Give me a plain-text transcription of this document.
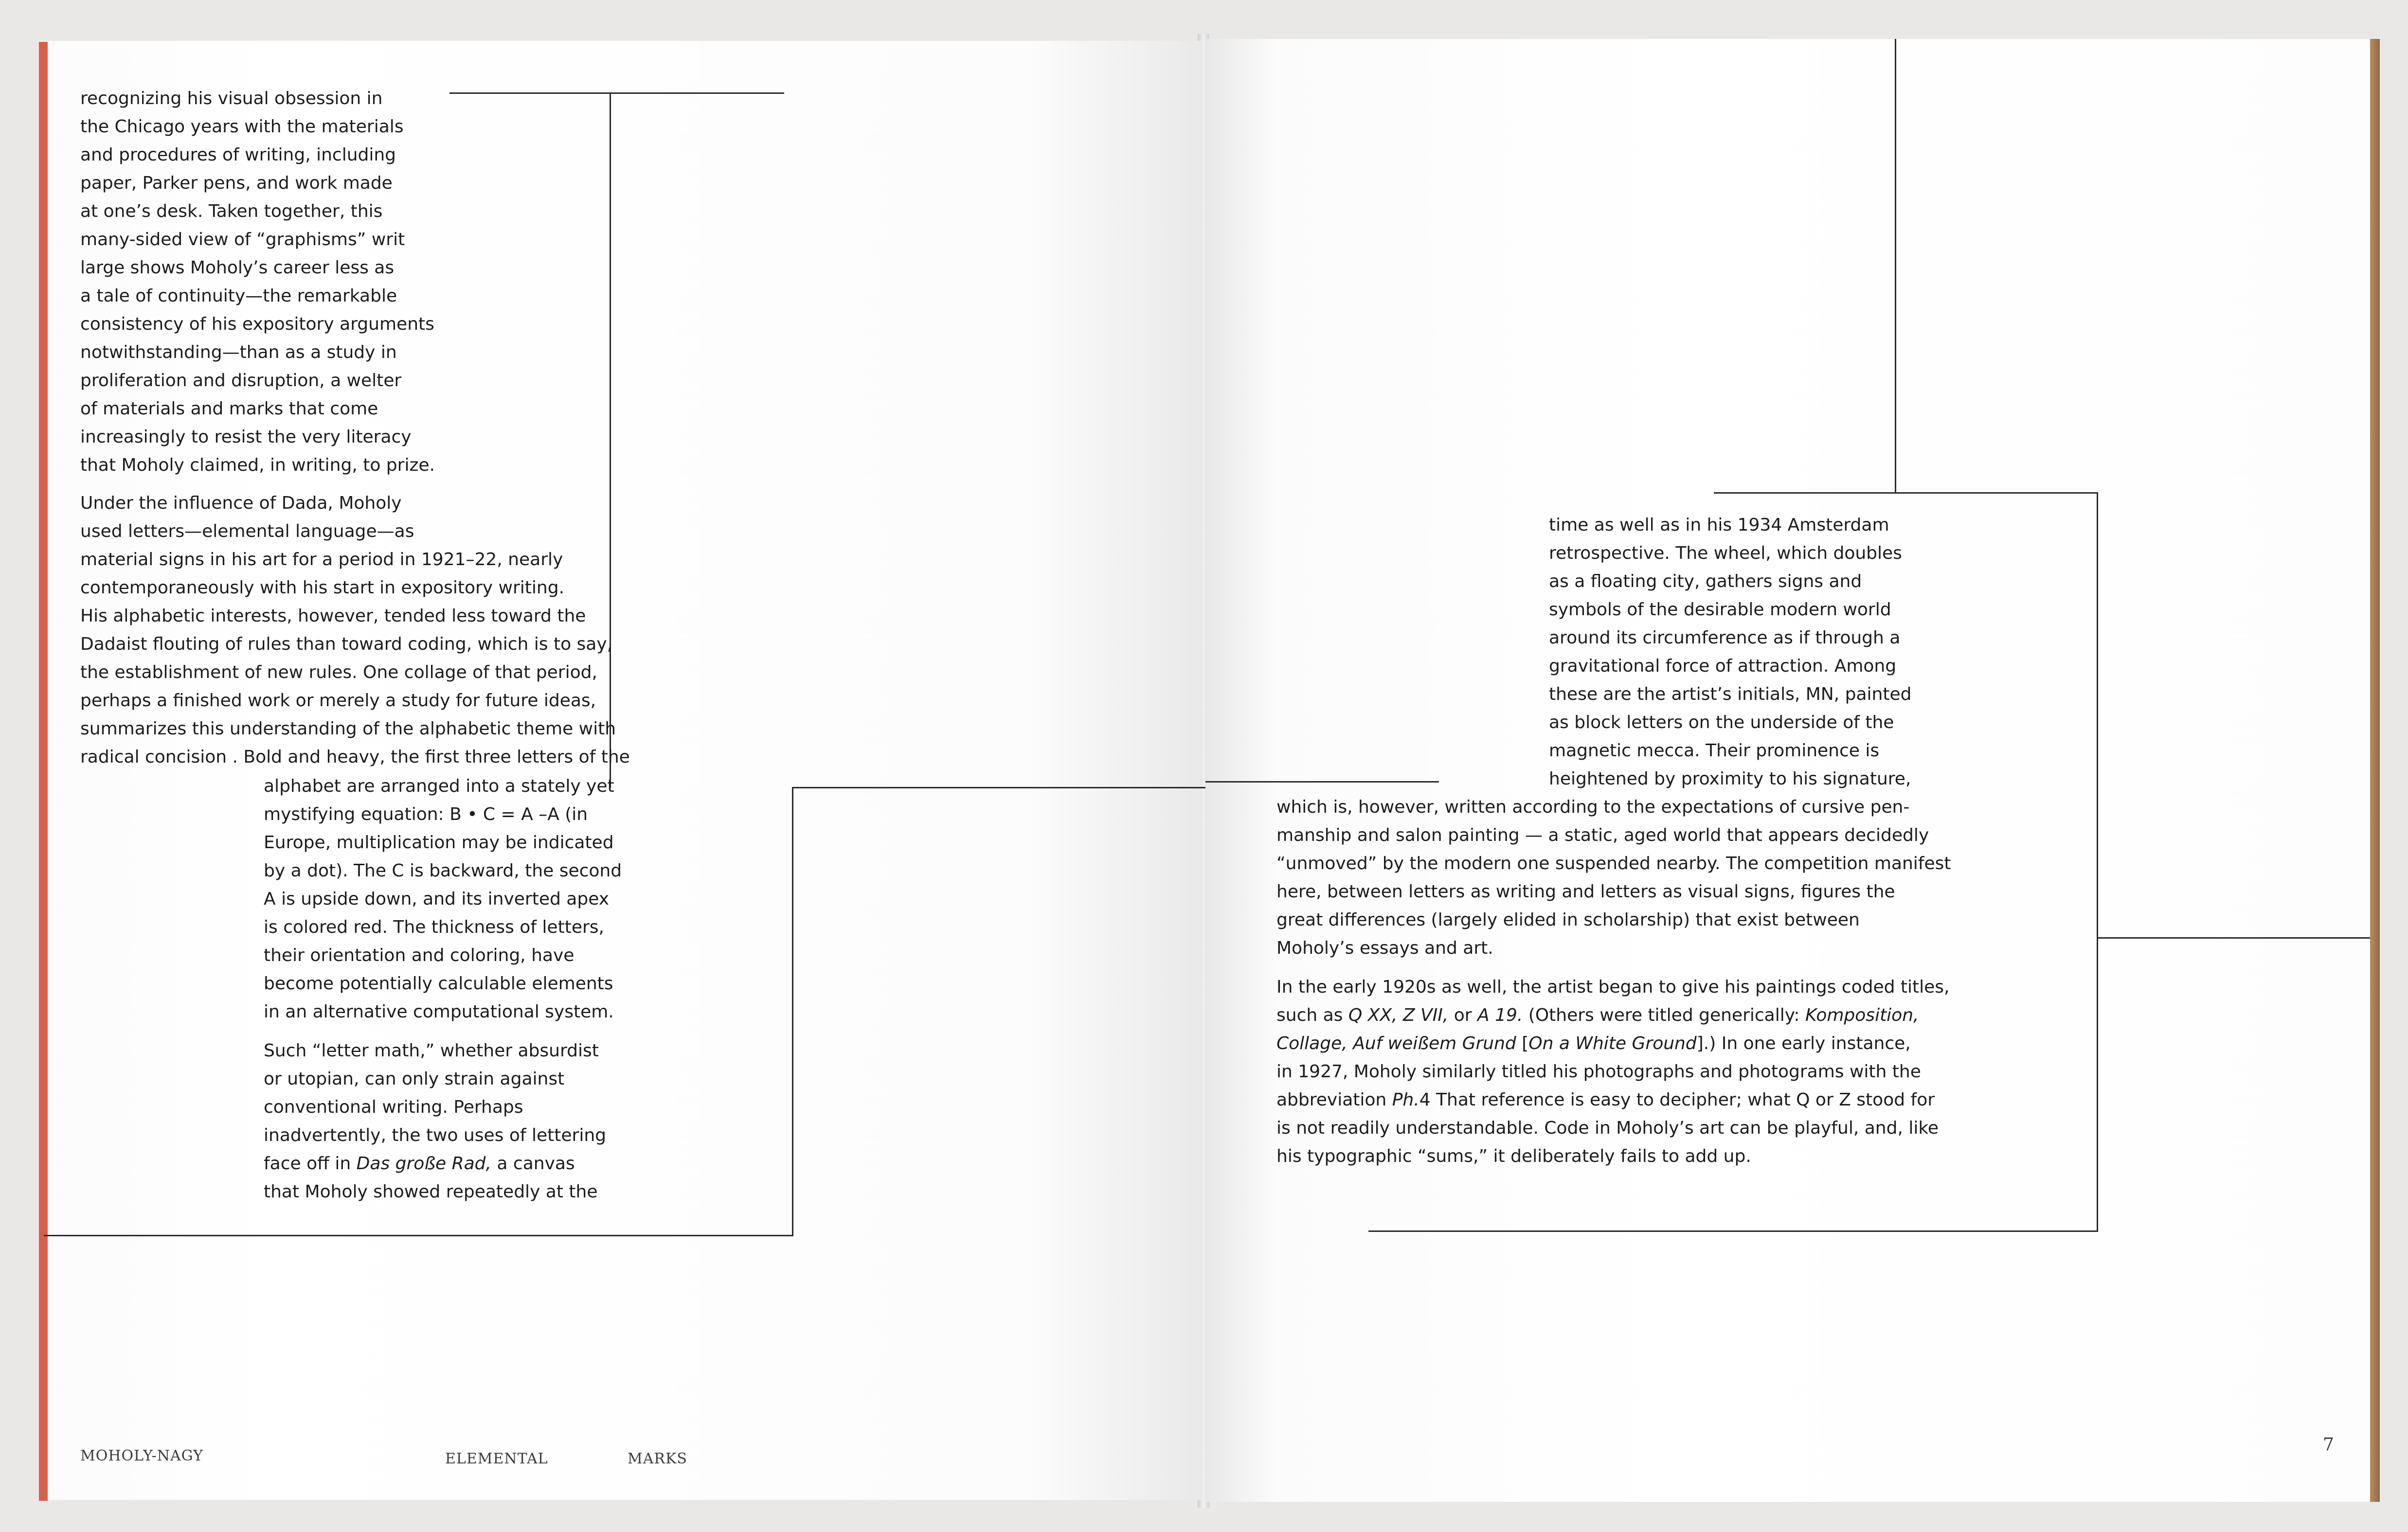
recognizing his visual obsession in

the Chicago years with the materials

and procedures of writing, including

paper, Parker pens, and work made

at one’s desk. Taken together, this

many-sided view of “graphisms” writ

large shows Moholy’s career less as

a tale of continuity—the remarkable

consistency of his expository arguments

notwithstanding—than as a study in

proliferation and disruption, a welter

of materials and marks that come

increasingly to resist the very literacy

that Moholy claimed, in writing, to prize.

Under the influence of Dada, Moholy

used letters—elemental language—as

material signs in his art for a period in 1921–22, nearly

contemporaneously with his start in expository writing.

His alphabetic interests, however, tended less toward the

Dadaist flouting of rules than toward coding, which is to say,

the establishment of new rules. One collage of that period,

perhaps a finished work or merely a study for future ideas,

summarizes this understanding of the alphabetic theme with

radical concision . Bold and heavy, the first three letters of the

alphabet are arranged into a stately yet

mystifying equation: B • C = A –A (in

Europe, multiplication may be indicated

by a dot). The C is backward, the second

A is upside down, and its inverted apex

is colored red. The thickness of letters,

their orientation and coloring, have

become potentially calculable elements

in an alternative computational system.

Such “letter math,” whether absurdist

or utopian, can only strain against

conventional writing. Perhaps

inadvertently, the two uses of lettering

face off in Das große Rad, a canvas

that Moholy showed repeatedly at the

time as well as in his 1934 Amsterdam

retrospective. The wheel, which doubles

as a floating city, gathers signs and

symbols of the desirable modern world

around its circumference as if through a

gravitational force of attraction. Among

these are the artist’s initials, MN, painted

as block letters on the underside of the

magnetic mecca. Their prominence is

heightened by proximity to his signature,

which is, however, written according to the expectations of cursive pen-

manship and salon painting — a static, aged world that appears decidedly

“unmoved” by the modern one suspended nearby. The competition manifest

here, between letters as writing and letters as visual signs, figures the

great differences (largely elided in scholarship) that exist between

Moholy’s essays and art.

In the early 1920s as well, the artist began to give his paintings coded titles,

such as Q XX, Z VII, or A 19. (Others were titled generically: Komposition,

Collage, Auf weißem Grund [On a White Ground].) In one early instance,

in 1927, Moholy similarly titled his photographs and photograms with the

abbreviation Ph.4 That reference is easy to decipher; what Q or Z stood for

is not readily understandable. Code in Moholy’s art can be playful, and, like

his typographic “sums,” it deliberately fails to add up.

MOHOLY-NAGY	ELEMENTAL	MARKS
7
